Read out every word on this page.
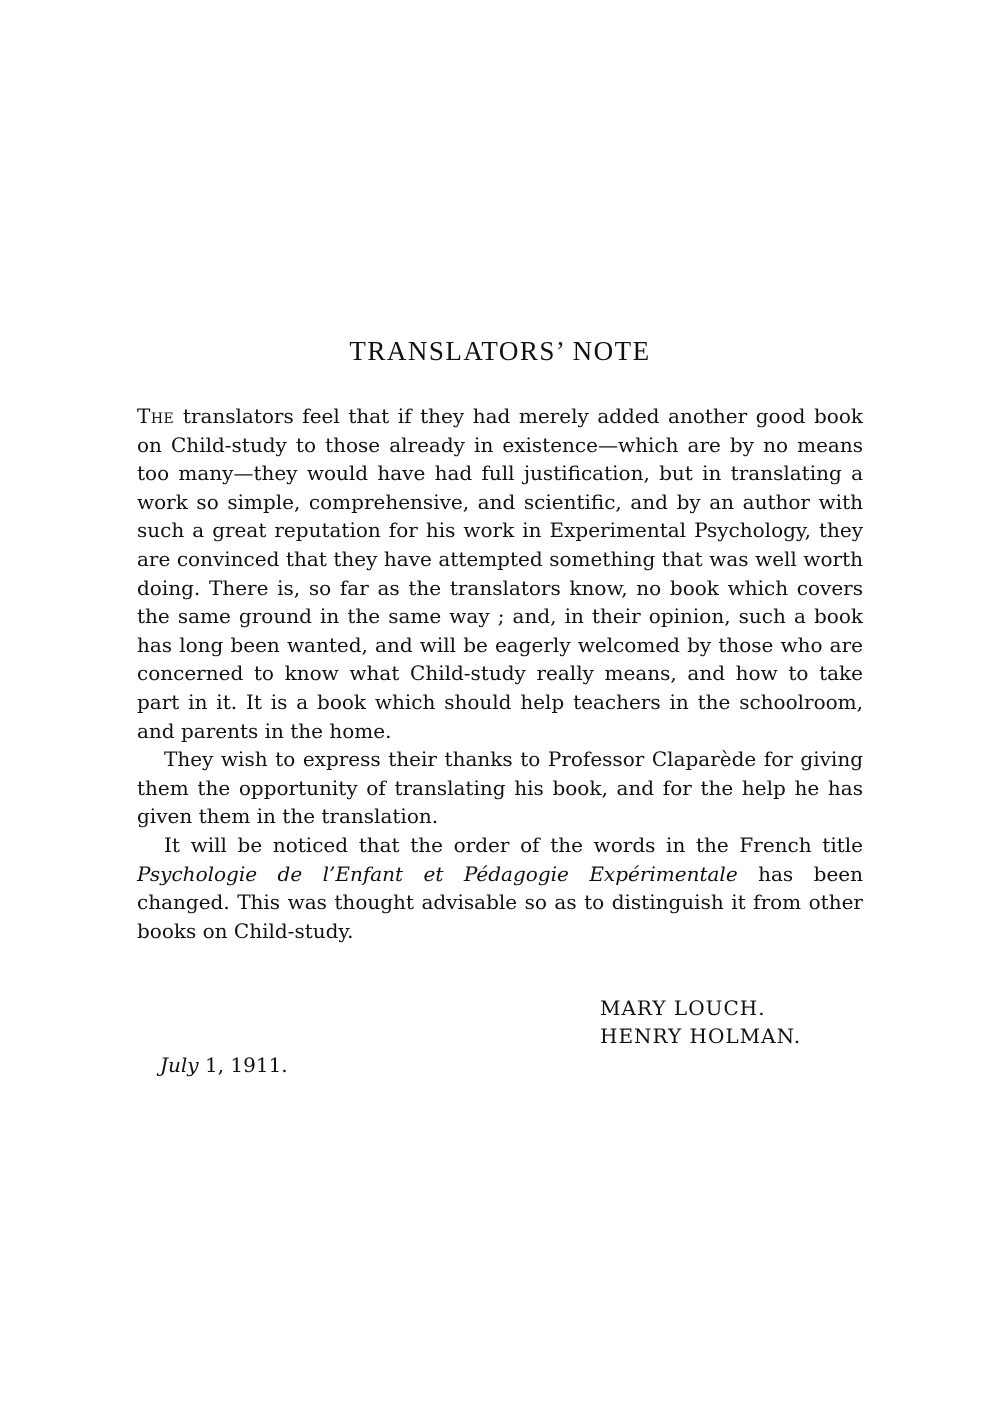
TRANSLATORS’ NOTE

The translators feel that if they had merely added another good book on Child-study to those already in existence—which are by no means too many—they would have had full justification, but in translating a work so simple, comprehensive, and scientific, and by an author with such a great reputation for his work in Experimental Psychology, they are convinced that they have attempted something that was well worth doing. There is, so far as the translators know, no book which covers the same ground in the same way ; and, in their opinion, such a book has long been wanted, and will be eagerly welcomed by those who are concerned to know what Child-study really means, and how to take part in it. It is a book which should help teachers in the schoolroom, and parents in the home.

They wish to express their thanks to Professor Claparède for giving them the opportunity of translating his book, and for the help he has given them in the translation.

It will be noticed that the order of the words in the French title Psychologie de l’Enfant et Pédagogie Expérimentale has been changed. This was thought advisable so as to distinguish it from other books on Child-study.

MARY LOUCH.
HENRY HOLMAN.
July 1, 1911.
